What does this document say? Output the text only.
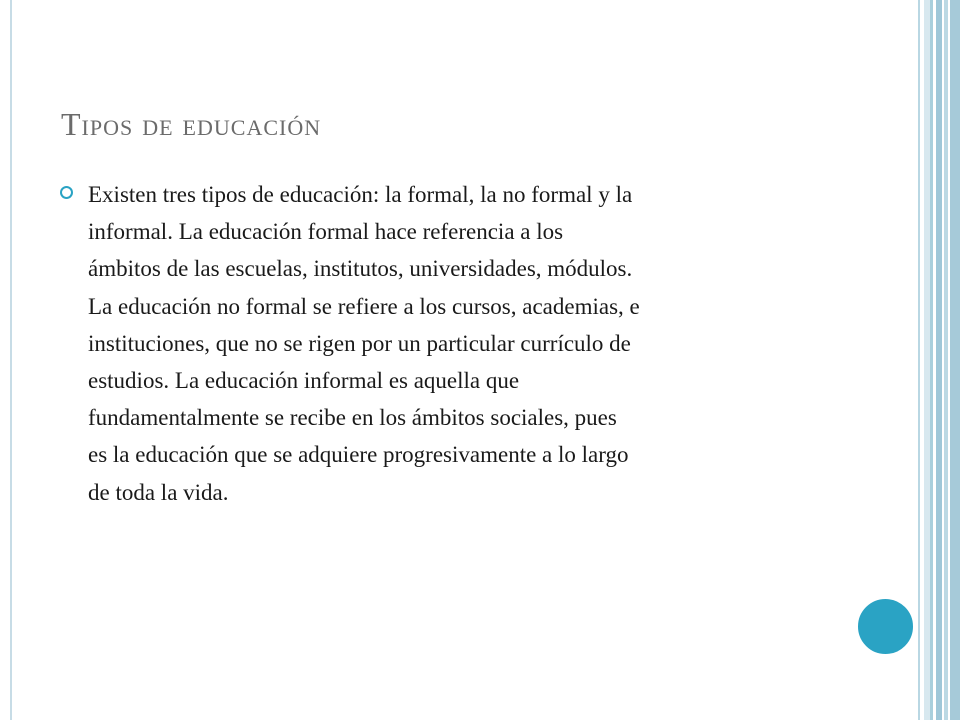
Tipos de educación
Existen tres tipos de educación: la formal, la no formal y la
informal. La educación formal hace referencia a los
ámbitos de las escuelas, institutos, universidades, módulos.
La educación no formal se refiere a los cursos, academias, e
instituciones, que no se rigen por un particular currículo de
estudios. La educación informal es aquella que
fundamentalmente se recibe en los ámbitos sociales, pues
es la educación que se adquiere progresivamente a lo largo
de toda la vida.
